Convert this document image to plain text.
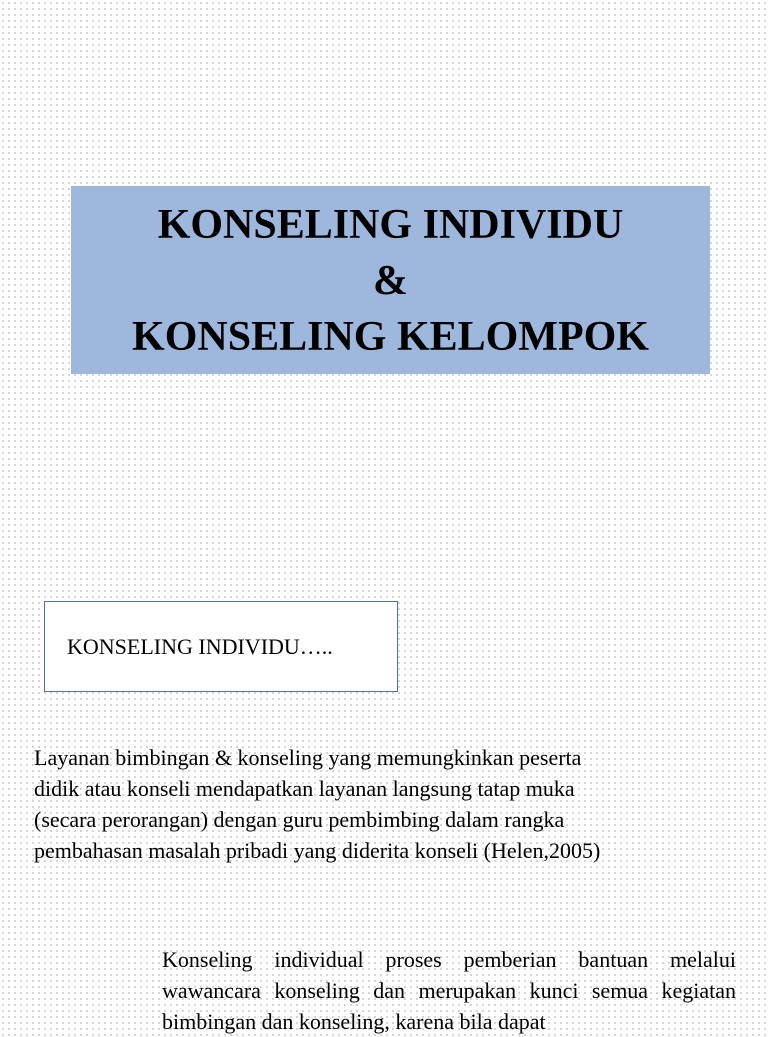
KONSELING INDIVIDU
&
KONSELING KELOMPOK
KONSELING INDIVIDU…..
Layanan bimbingan & konseling yang memungkinkan peserta
didik atau konseli mendapatkan layanan langsung tatap muka
(secara perorangan) dengan guru pembimbing dalam rangka
pembahasan masalah pribadi yang diderita konseli (Helen,2005)

Konseling individual proses pemberian bantuan melalui wawancara konseling dan merupakan kunci semua kegiatan bimbingan dan konseling, karena bila dapat
